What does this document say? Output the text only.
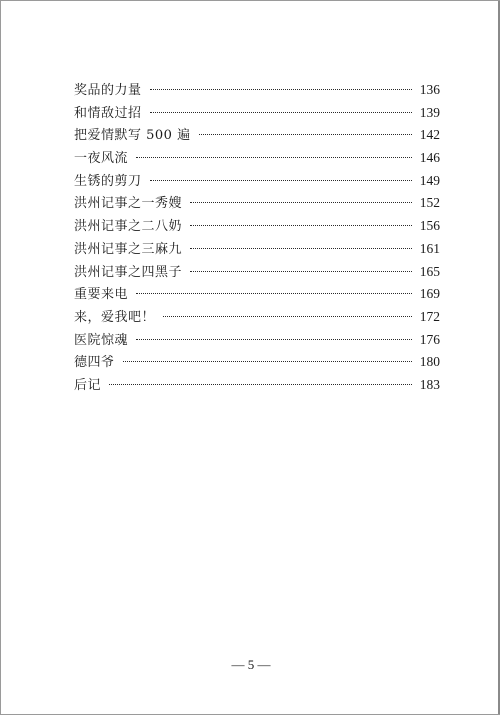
奖品的力量	136
和情敌过招	139
把爱情默写 500 遍	142
一夜风流	146
生锈的剪刀	149
洪州记事之一秀嫂	152
洪州记事之二八奶	156
洪州记事之三麻九	161
洪州记事之四黑子	165
重要来电	169
来，爱我吧！	172
医院惊魂	176
德四爷	180
后记	183
— 5 —
